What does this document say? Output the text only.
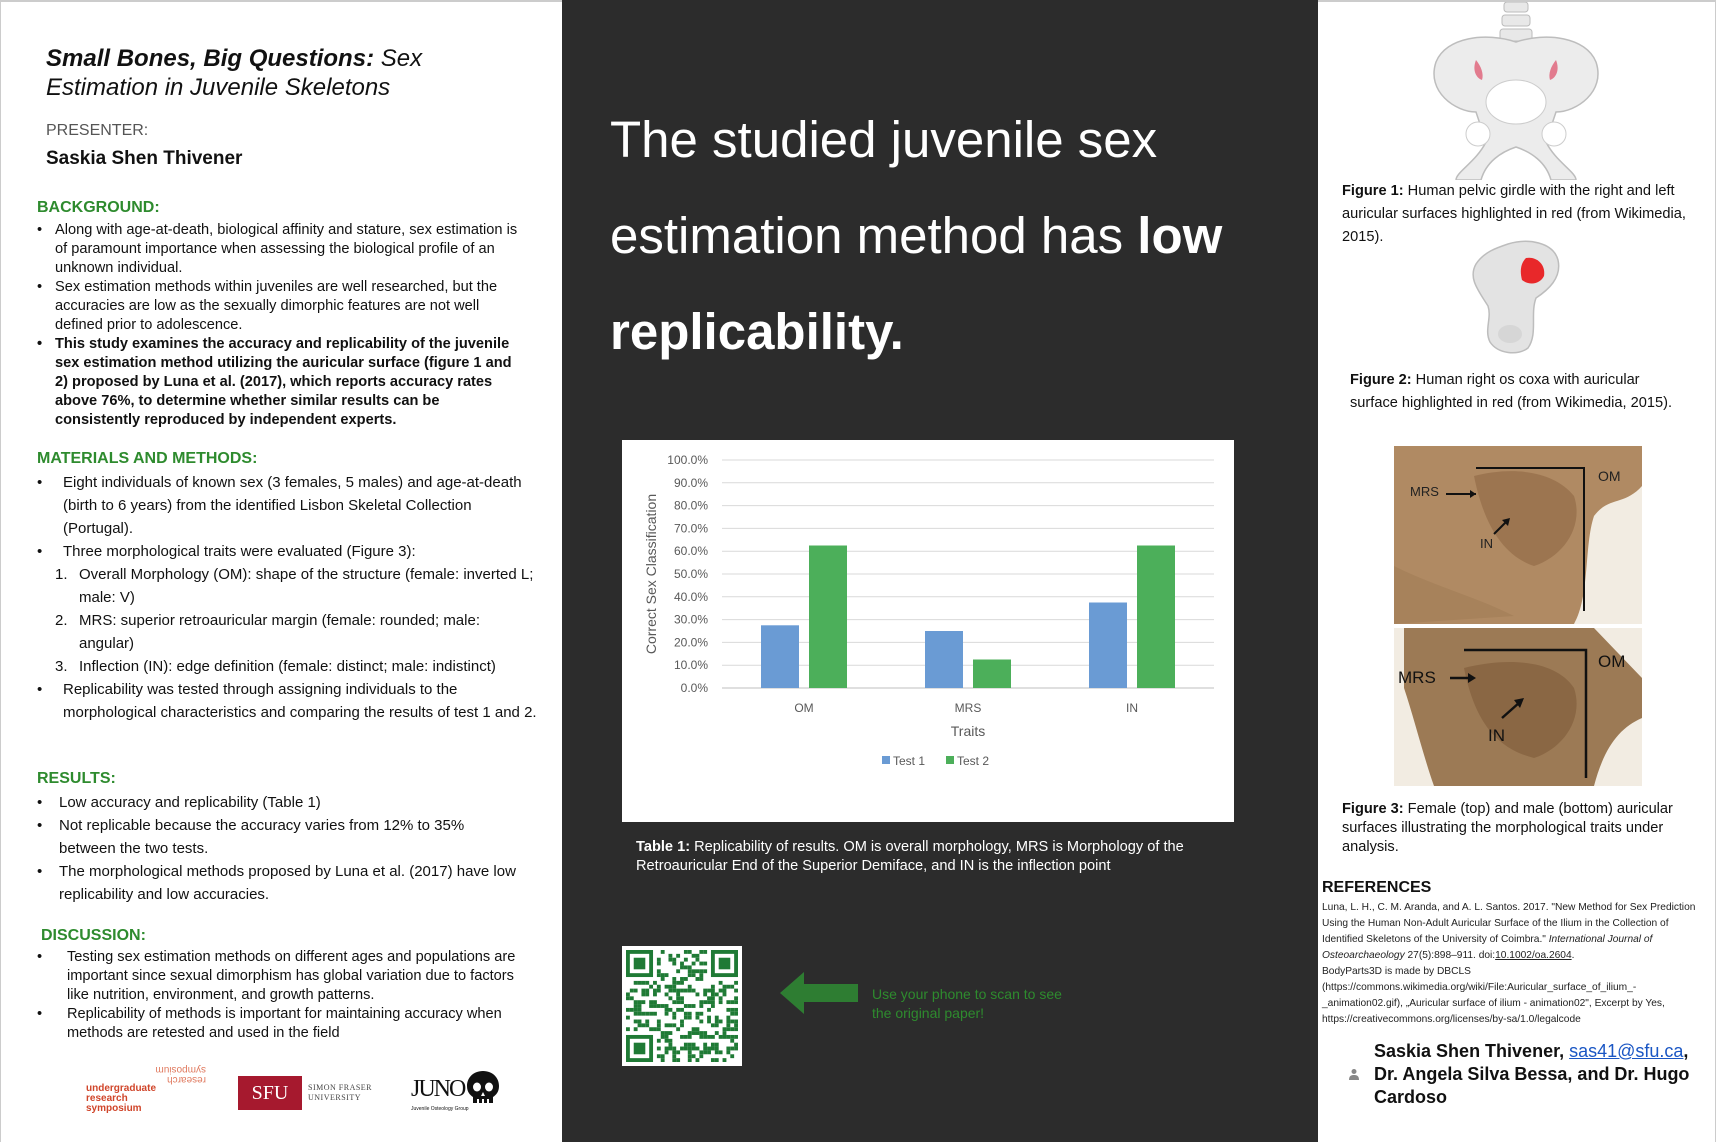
Small Bones, Big Questions: Sex Estimation in Juvenile Skeletons
PRESENTER:
Saskia Shen Thivener
BACKGROUND:
• Along with age-at-death, biological affinity and stature, sex estimation is of paramount importance when assessing the biological profile of an unknown individual.
• Sex estimation methods within juveniles are well researched, but the accuracies are low as the sexually dimorphic features are not well defined prior to adolescence.
• This study examines the accuracy and replicability of the juvenile sex estimation method utilizing the auricular surface (figure 1 and 2) proposed by Luna et al. (2017), which reports accuracy rates above 76%, to determine whether similar results can be consistently reproduced by independent experts.
MATERIALS AND METHODS:
• Eight individuals of known sex (3 females, 5 males) and age-at-death (birth to 6 years) from the identified Lisbon Skeletal Collection (Portugal).
• Three morphological traits were evaluated (Figure 3):
1. Overall Morphology (OM): shape of the structure (female: inverted L; male: V)
2. MRS: superior retroauricular margin (female: rounded; male: angular)
3. Inflection (IN): edge definition (female: distinct; male: indistinct)
• Replicability was tested through assigning individuals to the morphological characteristics and comparing the results of test 1 and 2.
RESULTS:
• Low accuracy and replicability (Table 1)
• Not replicable because the accuracy varies from 12% to 35% between the two tests.
• The morphological methods proposed by Luna et al. (2017) have low replicability and low accuracies.
DISCUSSION:
• Testing sex estimation methods on different ages and populations are important since sexual dimorphism has global variation due to factors like nutrition, environment, and growth patterns.
• Replicability of methods is important for maintaining accuracy when methods are retested and used in the field
symposium
research
undergraduate
research
symposium
SFU	SIMON FRASER
UNIVERSITY	JUNO
Juvenile Osteology Group
The studied juvenile sex estimation method has low replicability.
0.0%
10.0%
20.0%
30.0%
40.0%
50.0%
60.0%
70.0%
80.0%
90.0%
100.0%
OM	MRS	IN
Traits
Correct Sex Classification
Test 1	Test 2
Table 1: Replicability of results. OM is overall morphology, MRS is Morphology of the Retroauricular End of the Superior Demiface, and IN is the inflection point
Use your phone to scan to see the original paper!
Figure 1: Human pelvic girdle with the right and left auricular surfaces highlighted in red (from Wikimedia, 2015).
Figure 2: Human right os coxa with auricular surface highlighted in red (from Wikimedia, 2015).
OM
MRS
IN
OM
MRS
IN
Figure 3: Female (top) and male (bottom) auricular surfaces illustrating the morphological traits under analysis.
REFERENCES
Luna, L. H., C. M. Aranda, and A. L. Santos. 2017. "New Method for Sex Prediction Using the Human Non-Adult Auricular Surface of the Ilium in the Collection of Identified Skeletons of the University of Coimbra." International Journal of Osteoarchaeology 27(5):898–911. doi:10.1002/oa.2604.
BodyParts3D is made by DBCLS (https://commons.wikimedia.org/wiki/File:Auricular_surface_of_ilium_-_animation02.gif), „Auricular surface of ilium - animation02", Excerpt by Yes, https://creativecommons.org/licenses/by-sa/1.0/legalcode
Saskia Shen Thivener, sas41@sfu.ca,
Dr. Angela Silva Bessa, and Dr. Hugo Cardoso
